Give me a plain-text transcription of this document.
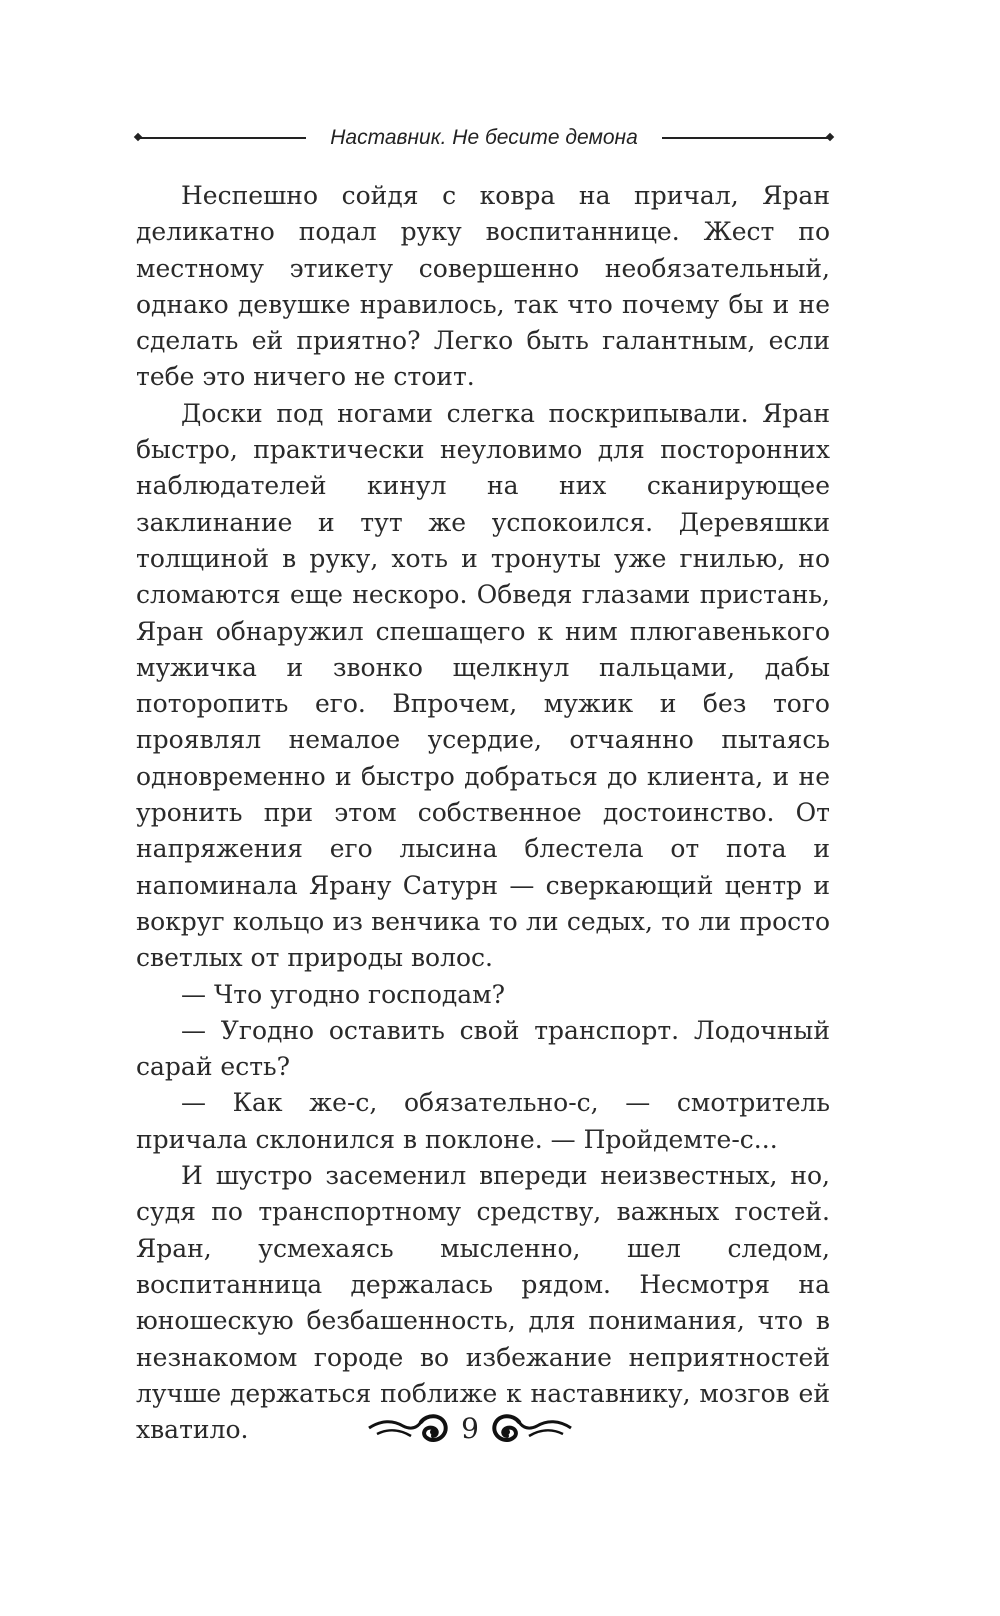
Наставник. Не бесите демона

Неспешно сойдя с ковра на причал, Яран деликатно подал руку воспитаннице. Жест по местному этикету совершенно необязательный, однако девушке нравилось, так что почему бы и не сделать ей приятно? Легко быть галантным, если тебе это ничего не стоит.

Доски под ногами слегка поскрипывали. Яран быстро, практически неуловимо для посторонних наблюдателей кинул на них сканирующее заклинание и тут же успокоился. Деревяшки толщиной в руку, хоть и тронуты уже гнилью, но сломаются еще нескоро. Обведя глазами пристань, Яран обнаружил спешащего к ним плюгавенького мужичка и звонко щелкнул пальцами, дабы поторопить его. Впрочем, мужик и без того проявлял немалое усердие, отчаянно пытаясь одновременно и быстро добраться до клиента, и не уронить при этом собственное достоинство. От напряжения его лысина блестела от пота и напоминала Ярану Сатурн — сверкающий центр и вокруг кольцо из венчика то ли седых, то ли просто светлых от природы волос.

— Что угодно господам?

— Угодно оставить свой транспорт. Лодочный сарай есть?

— Как же-с, обязательно-с, — смотритель причала склонился в поклоне. — Пройдемте-с...

И шустро засеменил впереди неизвестных, но, судя по транспортному средству, важных гостей. Яран, усмехаясь мысленно, шел следом, воспитанница держалась рядом. Несмотря на юношескую безбашенность, для понимания, что в незнакомом городе во избежание неприятностей лучше держаться поближе к наставнику, мозгов ей хватило.	9
